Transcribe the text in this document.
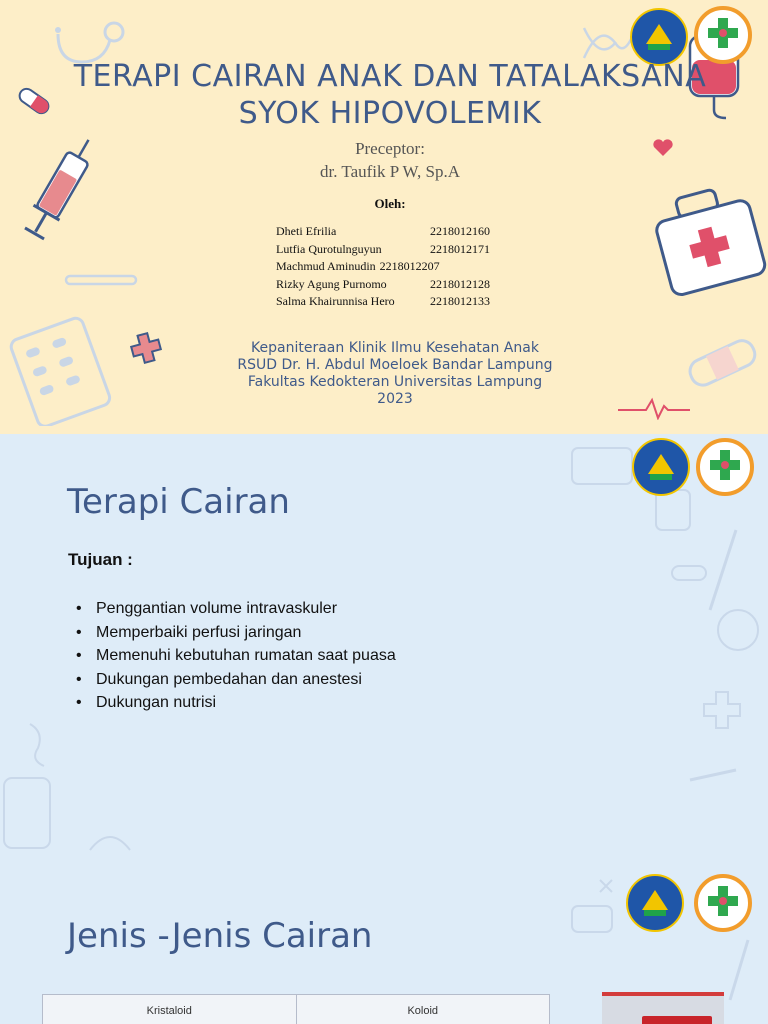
TERAPI CAIRAN ANAK DAN TATALAKSANA
SYOK HIPOVOLEMIK
Preceptor:
dr. Taufik P W, Sp.A
Oleh:
Dheti Efrilia	2218012160
Lutfia Qurotulnguyun	2218012171
Machmud Aminudin 2218012207
Rizky Agung Purnomo	2218012128
Salma Khairunnisa Hero	2218012133
Kepaniteraan Klinik Ilmu Kesehatan Anak
RSUD Dr. H. Abdul Moeloek Bandar Lampung
Fakultas Kedokteran Universitas Lampung
2023
Terapi Cairan
Tujuan :
• Penggantian volume intravaskuler
• Memperbaiki perfusi jaringan
• Memenuhi kebutuhan rumatan saat puasa
• Dukungan pembedahan dan anestesi
• Dukungan nutrisi
Jenis -Jenis Cairan
Kristaloid	Koloid
